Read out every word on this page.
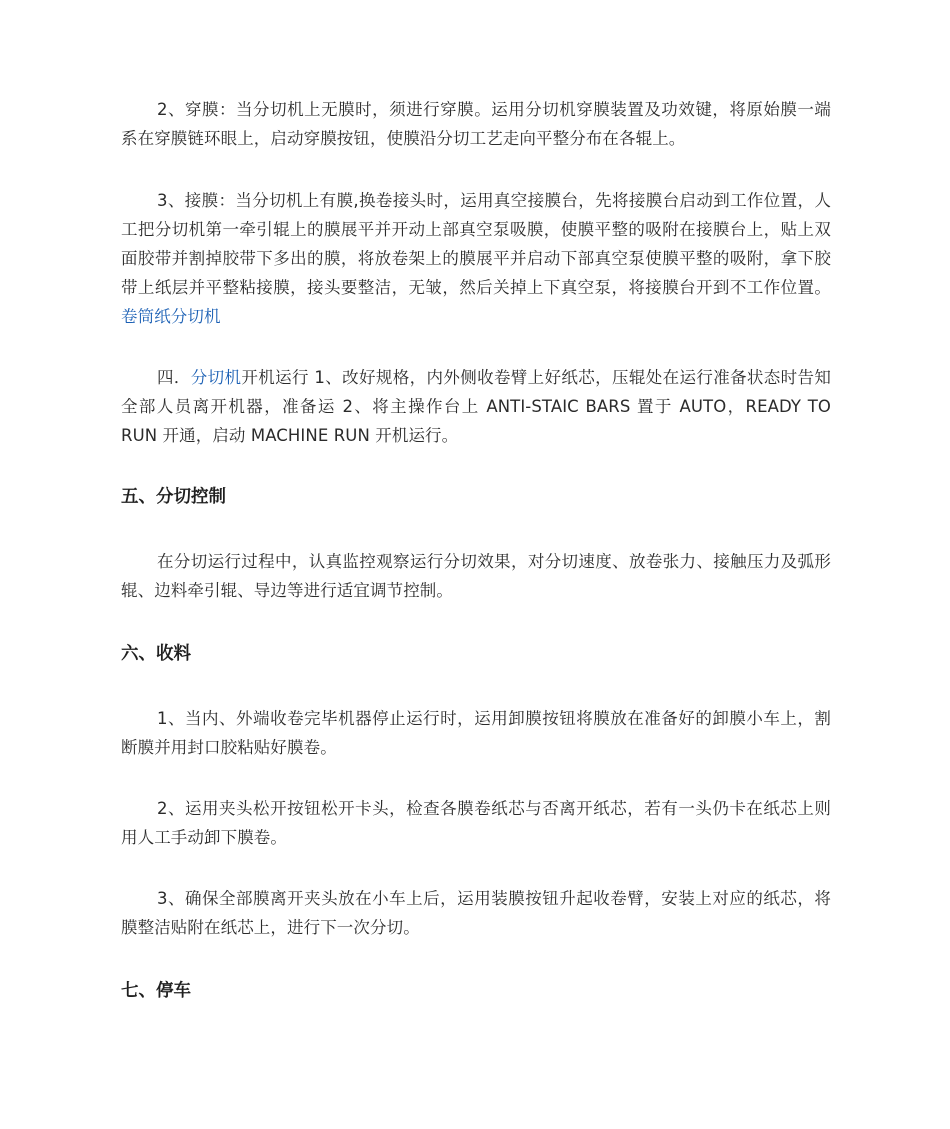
2、穿膜：当分切机上无膜时，须进行穿膜。运用分切机穿膜装置及功效键，将原始膜一端系在穿膜链环眼上，启动穿膜按钮，使膜沿分切工艺走向平整分布在各辊上。

3、接膜：当分切机上有膜,换卷接头时，运用真空接膜台，先将接膜台启动到工作位置，人工把分切机第一牵引辊上的膜展平并开动上部真空泵吸膜，使膜平整的吸附在接膜台上，贴上双面胶带并割掉胶带下多出的膜，将放卷架上的膜展平并启动下部真空泵使膜平整的吸附，拿下胶带上纸层并平整粘接膜，接头要整洁，无皱，然后关掉上下真空泵，将接膜台开到不工作位置。卷筒纸分切机

四．分切机开机运行 1、改好规格，内外侧收卷臂上好纸芯，压辊处在运行准备状态时告知全部人员离开机器，准备运 2、将主操作台上 ANTI-STAIC BARS 置于 AUTO，READY TO RUN 开通，启动 MACHINE RUN 开机运行。

五、分切控制

在分切运行过程中，认真监控观察运行分切效果，对分切速度、放卷张力、接触压力及弧形辊、边料牵引辊、导边等进行适宜调节控制。

六、收料

1、当内、外端收卷完毕机器停止运行时，运用卸膜按钮将膜放在准备好的卸膜小车上，割断膜并用封口胶粘贴好膜卷。

2、运用夹头松开按钮松开卡头，检查各膜卷纸芯与否离开纸芯，若有一头仍卡在纸芯上则用人工手动卸下膜卷。

3、确保全部膜离开夹头放在小车上后，运用装膜按钮升起收卷臂，安装上对应的纸芯，将膜整洁贴附在纸芯上，进行下一次分切。

七、停车
